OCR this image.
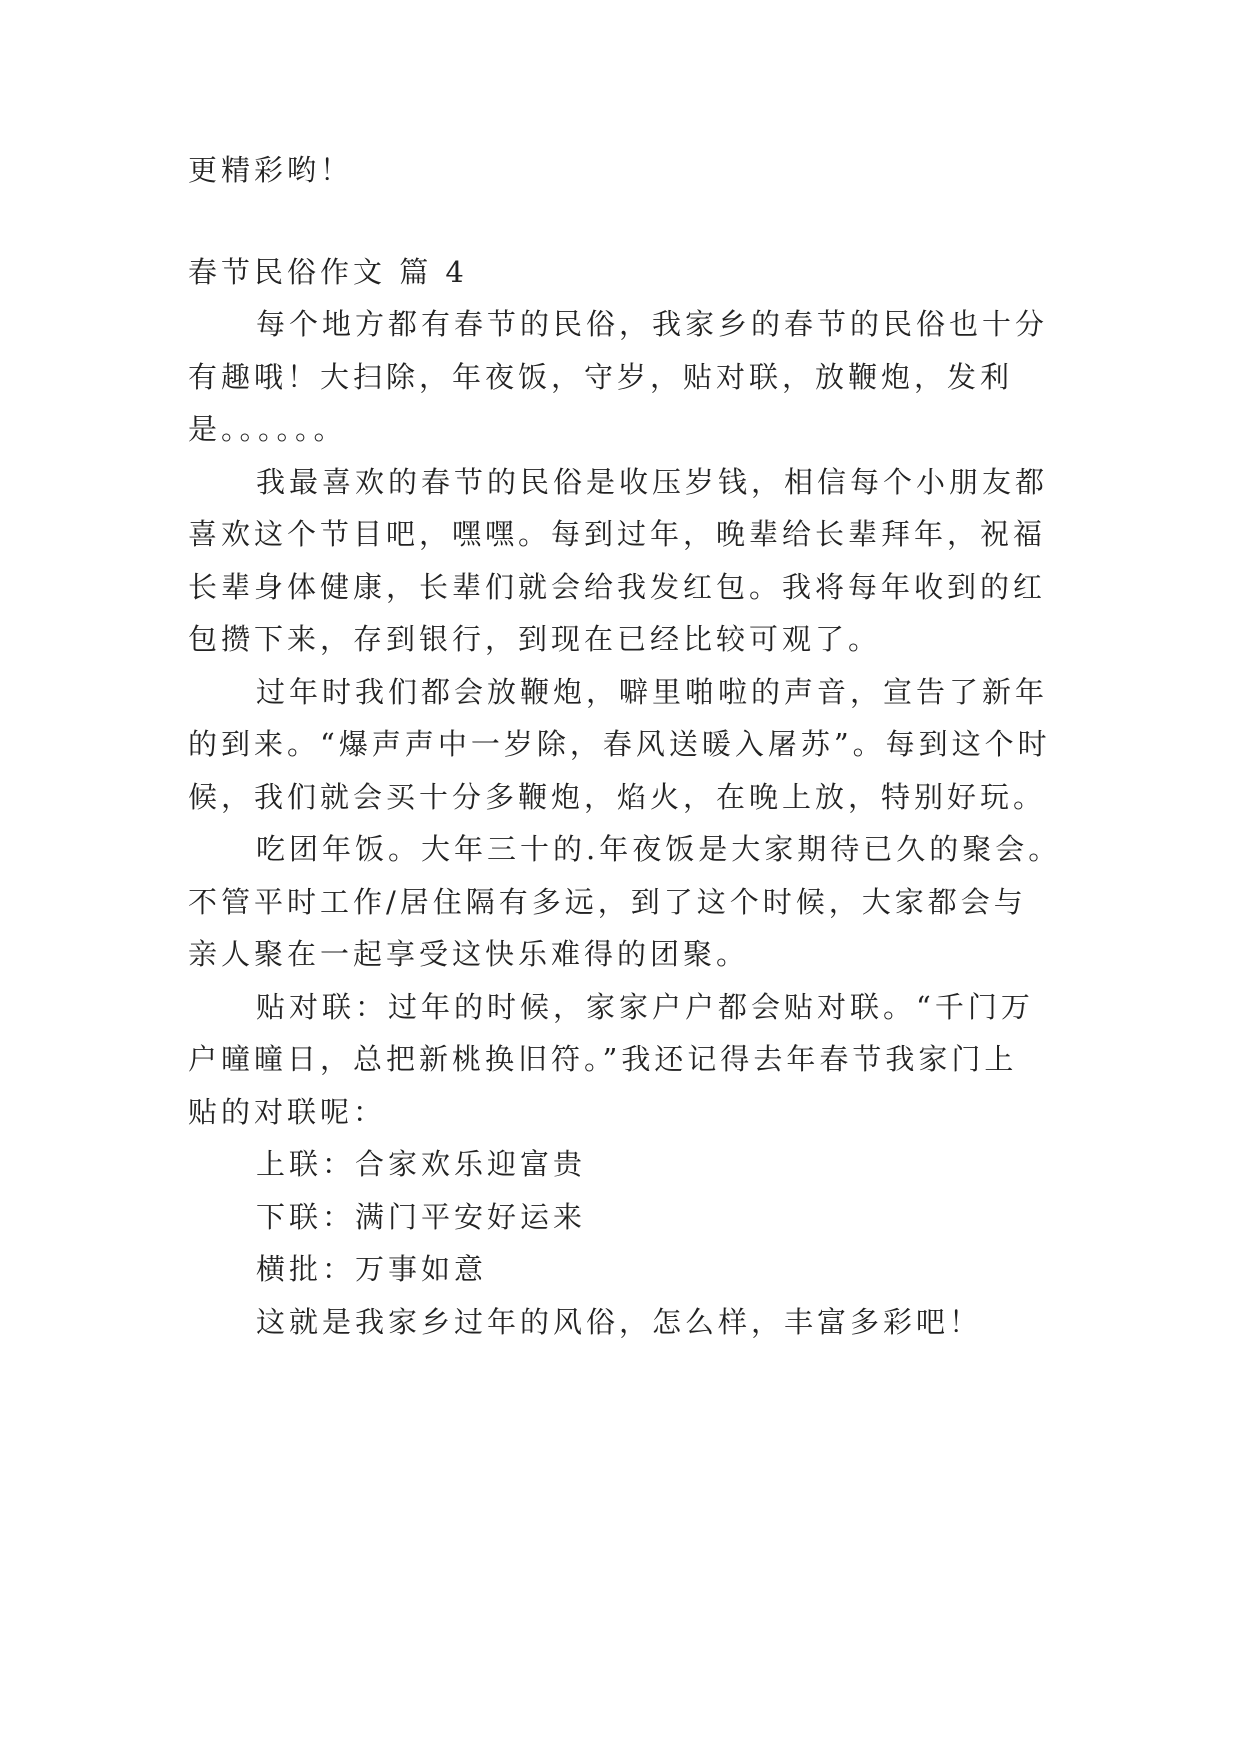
更精彩哟！
春节民俗作文 篇 4
每个地方都有春节的民俗，我家乡的春节的民俗也十分
有趣哦！大扫除，年夜饭，守岁，贴对联，放鞭炮，发利
是。。。。。。
我最喜欢的春节的民俗是收压岁钱，相信每个小朋友都
喜欢这个节目吧，嘿嘿。每到过年，晚辈给长辈拜年，祝福
长辈身体健康，长辈们就会给我发红包。我将每年收到的红
包攒下来，存到银行，到现在已经比较可观了。
过年时我们都会放鞭炮，噼里啪啦的声音，宣告了新年
的到来。“爆声声中一岁除，春风送暖入屠苏”。每到这个时
候，我们就会买十分多鞭炮，焰火，在晚上放，特别好玩。
吃团年饭。大年三十的.年夜饭是大家期待已久的聚会。
不管平时工作/居住隔有多远，到了这个时候，大家都会与
亲人聚在一起享受这快乐难得的团聚。
贴对联：过年的时候，家家户户都会贴对联。“千门万
户曈曈日，总把新桃换旧符。”我还记得去年春节我家门上
贴的对联呢：
上联：合家欢乐迎富贵
下联：满门平安好运来
横批：万事如意
这就是我家乡过年的风俗，怎么样，丰富多彩吧！
